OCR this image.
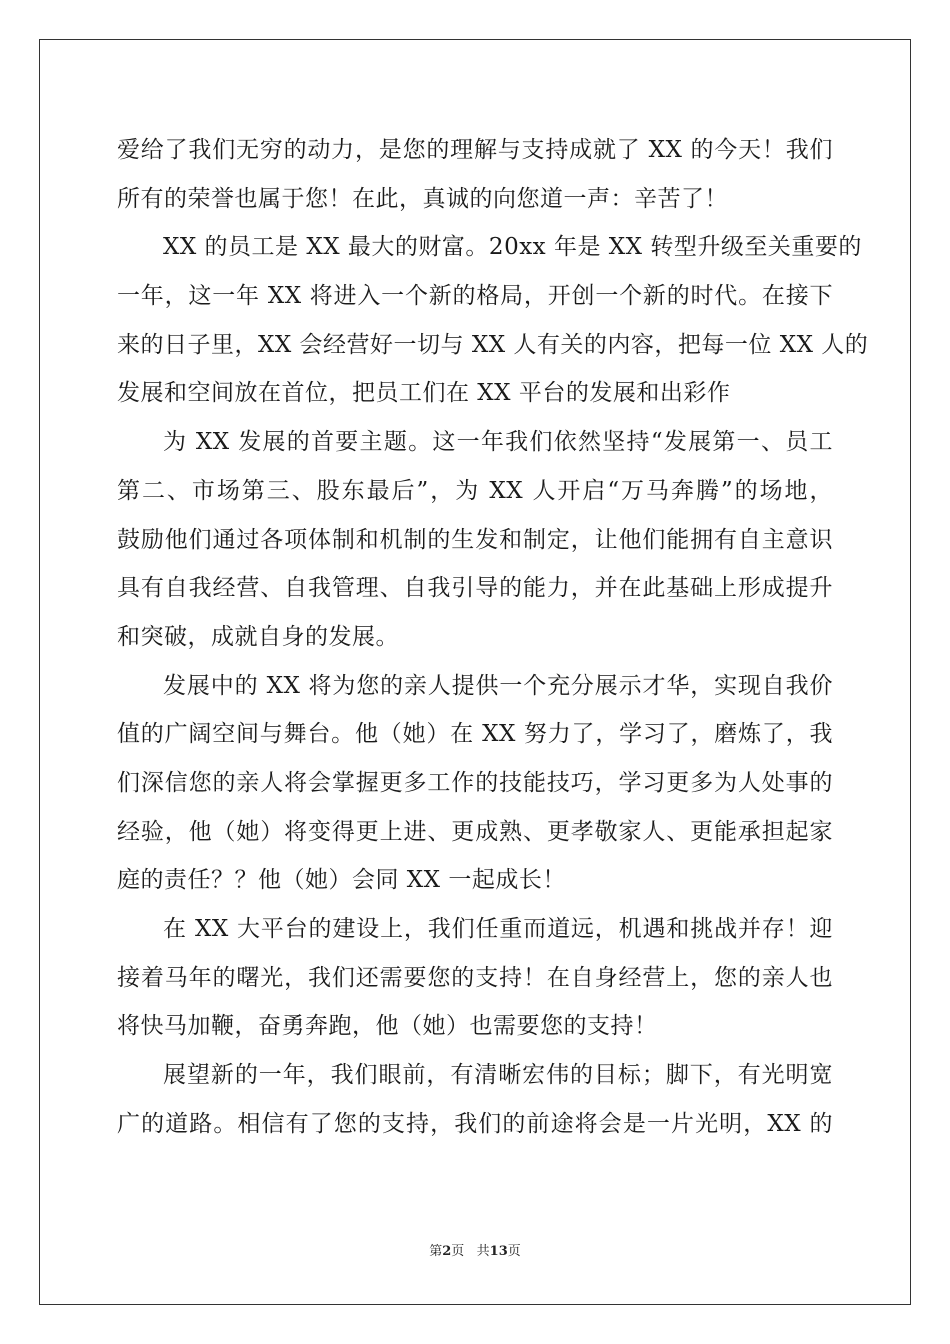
爱给了我们无穷的动力，是您的理解与支持成就了 XX 的今天！我们
所有的荣誉也属于您！在此，真诚的向您道一声：辛苦了！
XX 的员工是 XX 最大的财富。20xx 年是 XX 转型升级至关重要的
一年，这一年 XX 将进入一个新的格局，开创一个新的时代。在接下
来的日子里，XX 会经营好一切与 XX 人有关的内容，把每一位 XX 人的
发展和空间放在首位，把员工们在 XX 平台的发展和出彩作
为 XX 发展的首要主题。这一年我们依然坚持“发展第一、员工
第二、市场第三、股东最后”，为 XX 人开启“万马奔腾”的场地，
鼓励他们通过各项体制和机制的生发和制定，让他们能拥有自主意识
具有自我经营、自我管理、自我引导的能力，并在此基础上形成提升
和突破，成就自身的发展。
发展中的 XX 将为您的亲人提供一个充分展示才华，实现自我价
值的广阔空间与舞台。他（她）在 XX 努力了，学习了，磨炼了，我
们深信您的亲人将会掌握更多工作的技能技巧，学习更多为人处事的
经验，他（她）将变得更上进、更成熟、更孝敬家人、更能承担起家
庭的责任？？他（她）会同 XX 一起成长！
在 XX 大平台的建设上，我们任重而道远，机遇和挑战并存！迎
接着马年的曙光，我们还需要您的支持！在自身经营上，您的亲人也
将快马加鞭，奋勇奔跑，他（她）也需要您的支持！
展望新的一年，我们眼前，有清晰宏伟的目标；脚下，有光明宽
广的道路。相信有了您的支持，我们的前途将会是一片光明，XX 的
第2页   共13页
